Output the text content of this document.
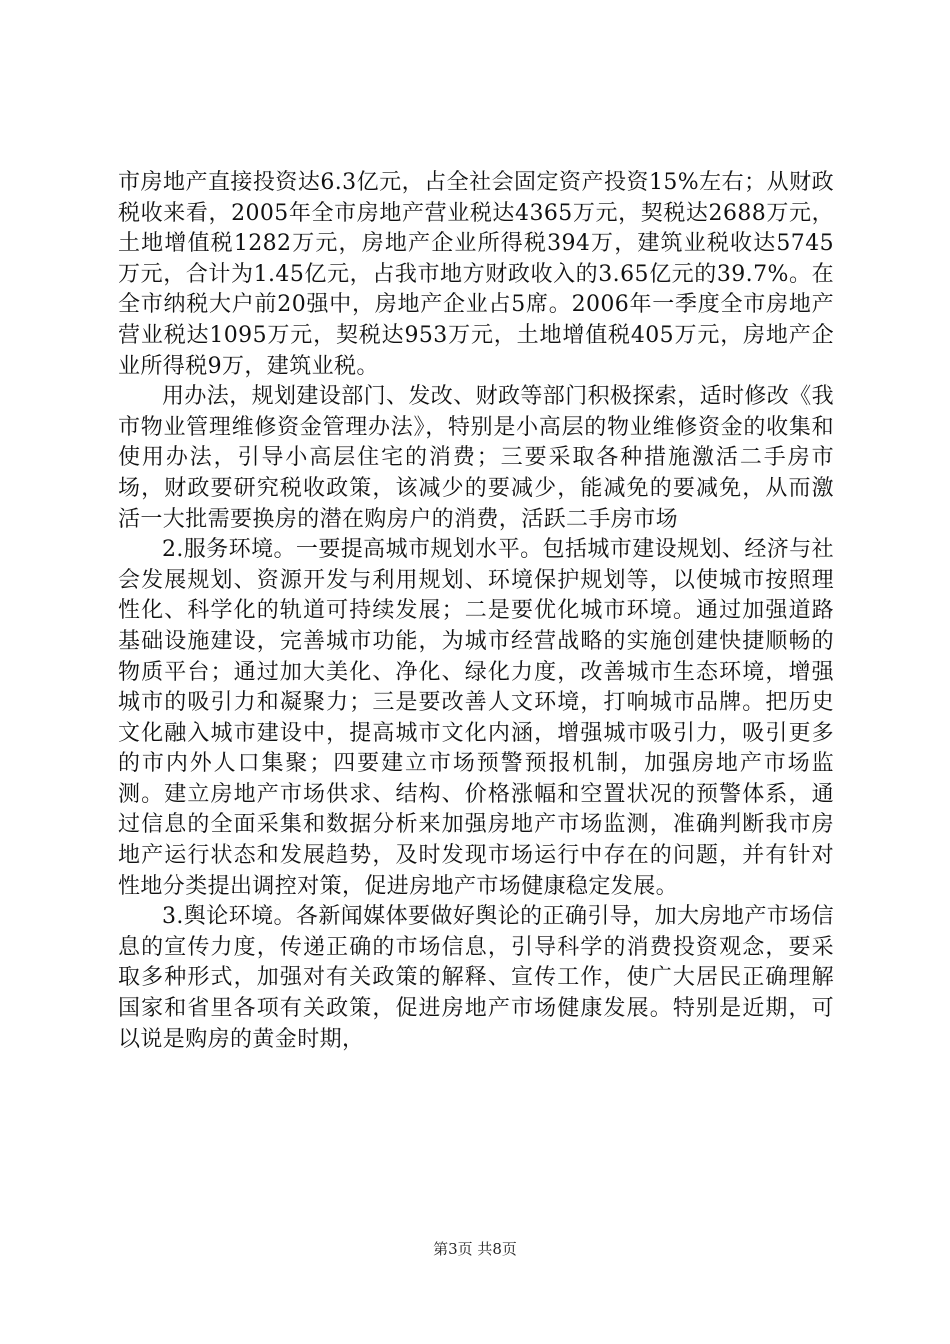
市房地产直接投资达6.3亿元，占全社会固定资产投资15%左右；从财政税收来看，2005年全市房地产营业税达4365万元，契税达2688万元，土地增值税1282万元，房地产企业所得税394万，建筑业税收达5745万元，合计为1.45亿元，占我市地方财政收入的3.65亿元的39.7%。在全市纳税大户前20强中，房地产企业占5席。2006年一季度全市房地产营业税达1095万元，契税达953万元，土地增值税405万元，房地产企业所得税9万，建筑业税。

用办法，规划建设部门、发改、财政等部门积极探索，适时修改《我市物业管理维修资金管理办法》，特别是小高层的物业维修资金的收集和使用办法，引导小高层住宅的消费；三要采取各种措施激活二手房市场，财政要研究税收政策，该减少的要减少，能减免的要减免，从而激活一大批需要换房的潜在购房户的消费，活跃二手房市场

2.服务环境。一要提高城市规划水平。包括城市建设规划、经济与社会发展规划、资源开发与利用规划、环境保护规划等，以使城市按照理性化、科学化的轨道可持续发展；二是要优化城市环境。通过加强道路基础设施建设，完善城市功能，为城市经营战略的实施创建快捷顺畅的物质平台；通过加大美化、净化、绿化力度，改善城市生态环境，增强城市的吸引力和凝聚力；三是要改善人文环境，打响城市品牌。把历史文化融入城市建设中，提高城市文化内涵，增强城市吸引力，吸引更多的市内外人口集聚；四要建立市场预警预报机制，加强房地产市场监测。建立房地产市场供求、结构、价格涨幅和空置状况的预警体系，通过信息的全面采集和数据分析来加强房地产市场监测，准确判断我市房地产运行状态和发展趋势，及时发现市场运行中存在的问题，并有针对性地分类提出调控对策，促进房地产市场健康稳定发展。

3.舆论环境。各新闻媒体要做好舆论的正确引导，加大房地产市场信息的宣传力度，传递正确的市场信息，引导科学的消费投资观念，要采取多种形式，加强对有关政策的解释、宣传工作，使广大居民正确理解国家和省里各项有关政策，促进房地产市场健康发展。特别是近期，可以说是购房的黄金时期，

第3页 共8页
